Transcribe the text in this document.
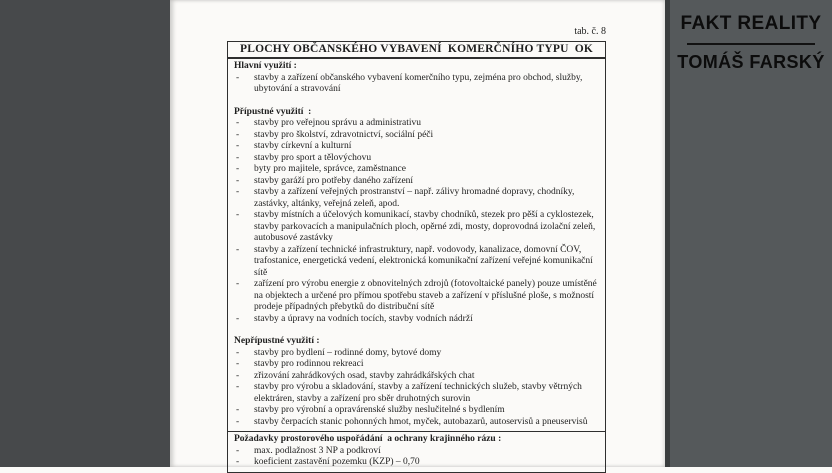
tab. č. 8
PLOCHY OBČANSKÉHO VYBAVENÍ  KOMERČNÍHO TYPU  OK
Hlavní využití :
- stavby a zařízení občanského vybavení komerčního typu, zejména pro obchod, služby, ubytování a stravování
Přípustné využití  :
- stavby pro veřejnou správu a administrativu
- stavby pro školství, zdravotnictví, sociální péči
- stavby církevní a kulturní
- stavby pro sport a tělovýchovu
- byty pro majitele, správce, zaměstnance
- stavby garáží pro potřeby daného zařízení
- stavby a zařízení veřejných prostranství – např. zálivy hromadné dopravy, chodníky, zastávky, altánky, veřejná zeleň, apod.
- stavby místních a účelových komunikací, stavby chodníků, stezek pro pěší a cyklostezek, stavby parkovacích a manipulačních ploch, opěrné zdi, mosty, doprovodná izolační zeleň, autobusové zastávky
- stavby a zařízení technické infrastruktury, např. vodovody, kanalizace, domovní ČOV, trafostanice, energetická vedení, elektronická komunikační zařízení veřejné komunikační sítě
- zařízení pro výrobu energie z obnovitelných zdrojů (fotovoltaické panely) pouze umístěné na objektech a určené pro přímou spotřebu staveb a zařízení v příslušné ploše, s možností prodeje případných přebytků do distribuční sítě
- stavby a úpravy na vodních tocích, stavby vodních nádrží
Nepřípustné využití :
- stavby pro bydlení – rodinné domy, bytové domy
- stavby pro rodinnou rekreaci
- zřizování zahrádkových osad, stavby zahrádkářských chat
- stavby pro výrobu a skladování, stavby a zařízení technických služeb, stavby větrných elektráren, stavby a zařízení pro sběr druhotných surovin
- stavby pro výrobní a opravárenské služby neslučitelné s bydlením
- stavby čerpacích stanic pohonných hmot, myček, autobazarů, autoservisů a pneuservisů
Požadavky prostorového uspořádání  a ochrany krajinného rázu :
- max. podlažnost 3 NP a podkroví
- koeficient zastavění pozemku (KZP) – 0,70
FAKT REALITY
TOMÁŠ FARSKÝ
